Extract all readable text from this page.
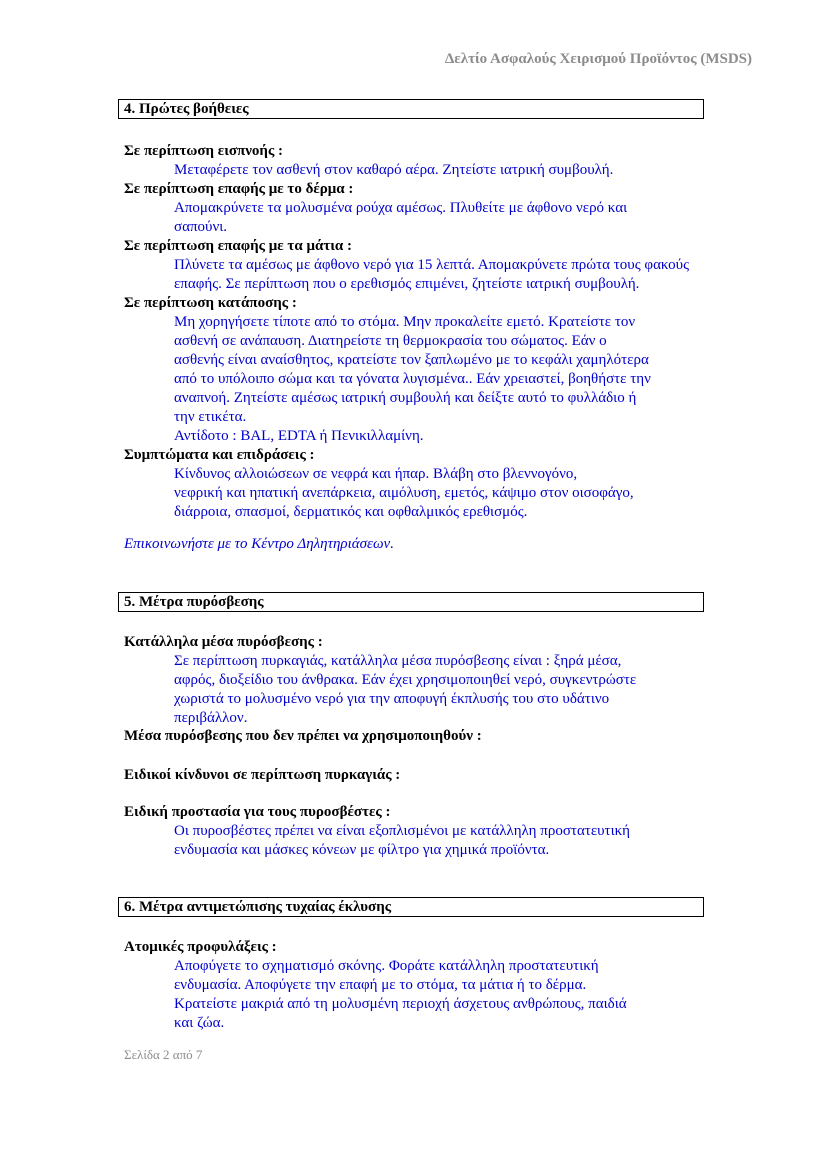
Δελτίο Ασφαλούς Χειρισμού Προϊόντος (MSDS)
4. Πρώτες βοήθειες
Σε περίπτωση εισπνοής :
Μεταφέρετε τον ασθενή στον καθαρό αέρα. Ζητείστε ιατρική συμβουλή.
Σε περίπτωση επαφής με το δέρμα :
Απομακρύνετε τα μολυσμένα ρούχα αμέσως. Πλυθείτε με άφθονο νερό και
σαπούνι.
Σε περίπτωση επαφής με τα μάτια :
Πλύνετε τα αμέσως με άφθονο νερό για 15 λεπτά. Απομακρύνετε πρώτα τους φακούς
επαφής. Σε περίπτωση που ο ερεθισμός επιμένει, ζητείστε ιατρική συμβουλή.
Σε περίπτωση κατάποσης :
Μη χορηγήσετε τίποτε από το στόμα. Μην προκαλείτε εμετό. Κρατείστε τον
ασθενή σε ανάπαυση. Διατηρείστε τη θερμοκρασία του σώματος. Εάν ο
ασθενής είναι αναίσθητος, κρατείστε τον ξαπλωμένο με το κεφάλι χαμηλότερα
από το υπόλοιπο σώμα και τα γόνατα λυγισμένα.. Εάν χρειαστεί, βοηθήστε την
αναπνοή. Ζητείστε αμέσως ιατρική συμβουλή και δείξτε αυτό το φυλλάδιο ή
την ετικέτα.
Αντίδοτο : BAL, EDTA ή Πενικιλλαμίνη.
Συμπτώματα και επιδράσεις :
Κίνδυνος αλλοιώσεων σε νεφρά και ήπαρ. Βλάβη στο βλεννογόνο,
νεφρική και ηπατική ανεπάρκεια, αιμόλυση, εμετός, κάψιμο στον οισοφάγο,
διάρροια, σπασμοί, δερματικός και οφθαλμικός ερεθισμός.
Επικοινωνήστε με το Κέντρο Δηλητηριάσεων.
5. Μέτρα πυρόσβεσης
Κατάλληλα μέσα πυρόσβεσης :
Σε περίπτωση πυρκαγιάς, κατάλληλα μέσα πυρόσβεσης είναι : ξηρά μέσα,
αφρός, διοξείδιο του άνθρακα. Εάν έχει χρησιμοποιηθεί νερό, συγκεντρώστε
χωριστά το μολυσμένο νερό για την αποφυγή έκπλυσής του στο υδάτινο
περιβάλλον.
Μέσα πυρόσβεσης που δεν πρέπει να χρησιμοποιηθούν :
Ειδικοί κίνδυνοι σε περίπτωση πυρκαγιάς :
Ειδική προστασία για τους πυροσβέστες :
Οι πυροσβέστες πρέπει να είναι εξοπλισμένοι με κατάλληλη προστατευτική
ενδυμασία και μάσκες κόνεων με φίλτρο για χημικά προϊόντα.
6. Μέτρα αντιμετώπισης τυχαίας έκλυσης
Ατομικές προφυλάξεις :
Αποφύγετε το σχηματισμό σκόνης. Φοράτε κατάλληλη προστατευτική
ενδυμασία. Αποφύγετε την επαφή με το στόμα, τα μάτια ή το δέρμα.
Κρατείστε μακριά από τη μολυσμένη περιοχή άσχετους ανθρώπους, παιδιά
και ζώα.
Σελίδα 2 από 7
